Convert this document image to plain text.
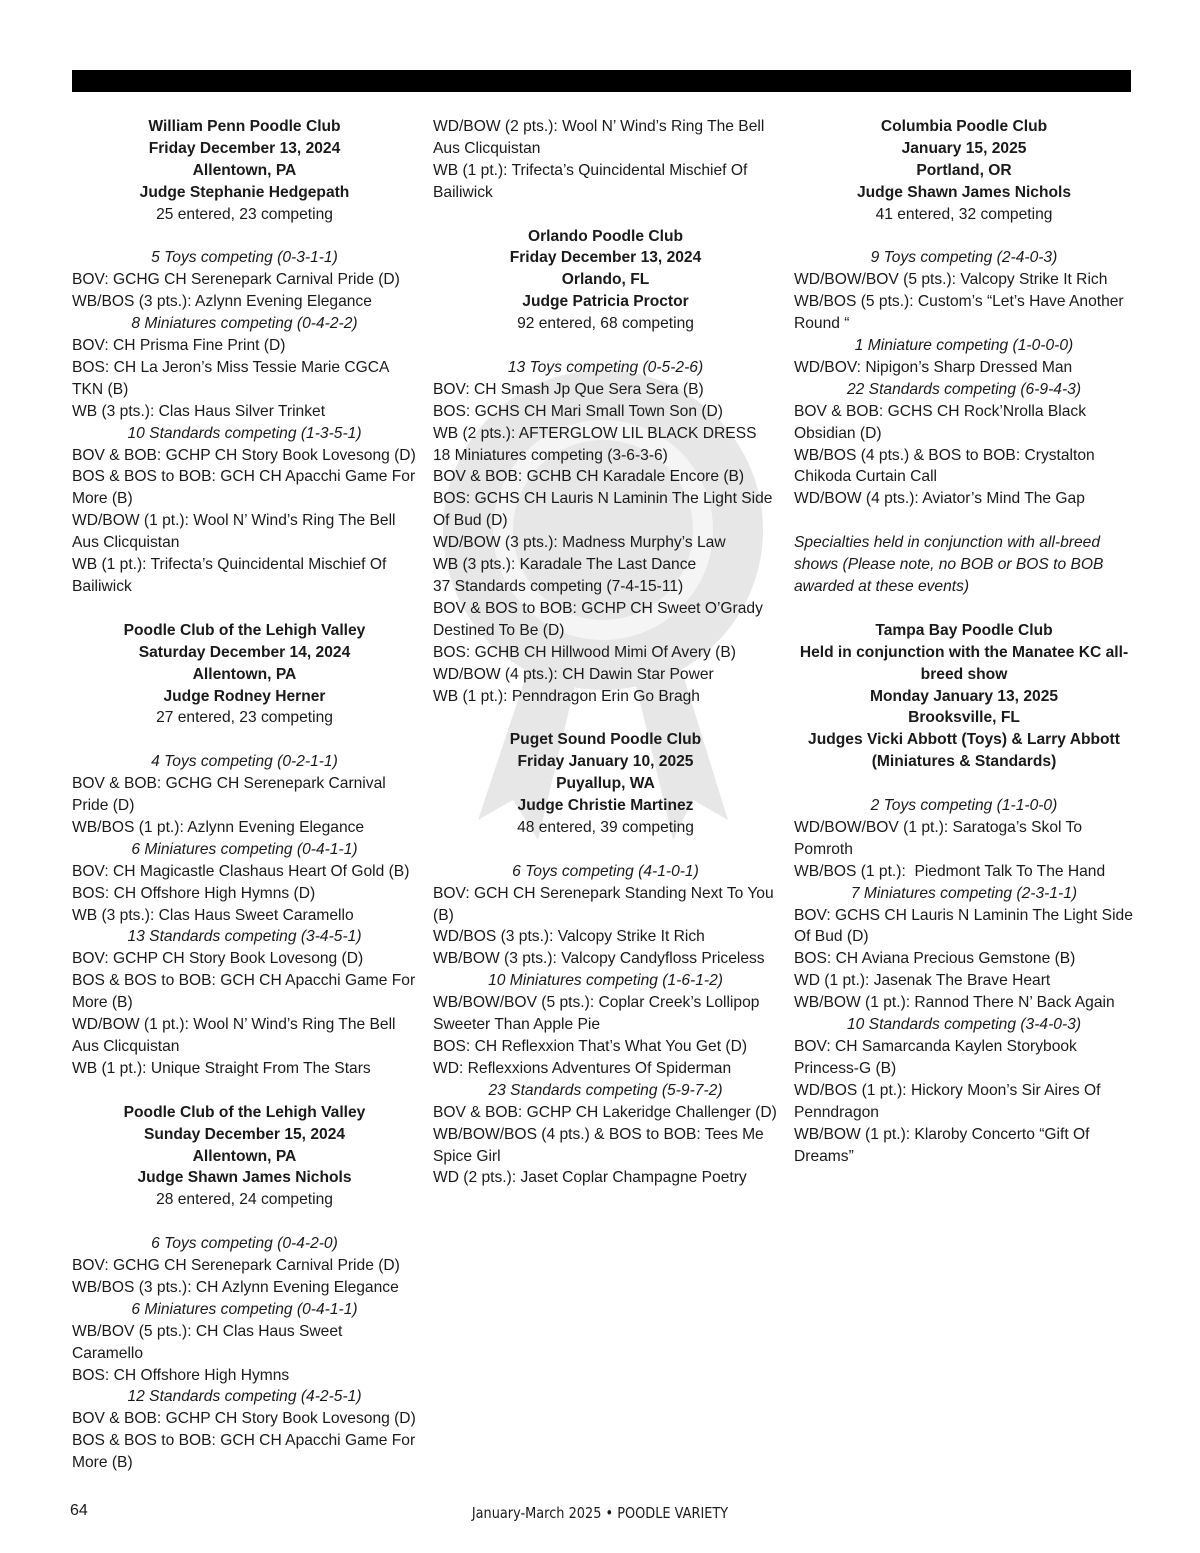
William Penn Poodle Club
Friday December 13, 2024
Allentown, PA
Judge Stephanie Hedgepath
25 entered, 23 competing
5 Toys competing (0-3-1-1)
BOV: GCHG CH Serenepark Carnival Pride (D)
WB/BOS (3 pts.): Azlynn Evening Elegance
8 Miniatures competing (0-4-2-2)
BOV: CH Prisma Fine Print (D)
BOS: CH La Jeron’s Miss Tessie Marie CGCA TKN (B)
WB (3 pts.): Clas Haus Silver Trinket
10 Standards competing (1-3-5-1)
BOV & BOB: GCHP CH Story Book Lovesong (D)
BOS & BOS to BOB: GCH CH Apacchi Game For More (B)
WD/BOW (1 pt.): Wool N’ Wind’s Ring The Bell Aus Clicquistan
WB (1 pt.): Trifecta’s Quincidental Mischief Of Bailiwick
Poodle Club of the Lehigh Valley
Saturday December 14, 2024
Allentown, PA
Judge Rodney Herner
27 entered, 23 competing
4 Toys competing (0-2-1-1)
BOV & BOB: GCHG CH Serenepark Carnival Pride (D)
WB/BOS (1 pt.): Azlynn Evening Elegance
6 Miniatures competing (0-4-1-1)
BOV: CH Magicastle Clashaus Heart Of Gold (B)
BOS: CH Offshore High Hymns (D)
WB (3 pts.): Clas Haus Sweet Caramello
13 Standards competing (3-4-5-1)
BOV: GCHP CH Story Book Lovesong (D)
BOS & BOS to BOB: GCH CH Apacchi Game For More (B)
WD/BOW (1 pt.): Wool N’ Wind’s Ring The Bell Aus Clicquistan
WB (1 pt.): Unique Straight From The Stars
Poodle Club of the Lehigh Valley
Sunday December 15, 2024
Allentown, PA
Judge Shawn James Nichols
28 entered, 24 competing
6 Toys competing (0-4-2-0)
BOV: GCHG CH Serenepark Carnival Pride (D)
WB/BOS (3 pts.): CH Azlynn Evening Elegance
6 Miniatures competing (0-4-1-1)
WB/BOV (5 pts.): CH Clas Haus Sweet Caramello
BOS: CH Offshore High Hymns
12 Standards competing (4-2-5-1)
BOV & BOB: GCHP CH Story Book Lovesong (D)
BOS & BOS to BOB: GCH CH Apacchi Game For More (B)
WD/BOW (2 pts.): Wool N’ Wind’s Ring The Bell Aus Clicquistan
WB (1 pt.): Trifecta’s Quincidental Mischief Of Bailiwick
Orlando Poodle Club
Friday December 13, 2024
Orlando, FL
Judge Patricia Proctor
92 entered, 68 competing
13 Toys competing (0-5-2-6)
BOV: CH Smash Jp Que Sera Sera (B)
BOS: GCHS CH Mari Small Town Son (D)
WB (2 pts.): AFTERGLOW LIL BLACK DRESS
18 Miniatures competing (3-6-3-6)
BOV & BOB: GCHB CH Karadale Encore (B)
BOS: GCHS CH Lauris N Laminin The Light Side Of Bud (D)
WD/BOW (3 pts.): Madness Murphy’s Law
WB (3 pts.): Karadale The Last Dance
37 Standards competing (7-4-15-11)
BOV & BOS to BOB: GCHP CH Sweet O’Grady Destined To Be (D)
BOS: GCHB CH Hillwood Mimi Of Avery (B)
WD/BOW (4 pts.): CH Dawin Star Power
WB (1 pt.): Penndragon Erin Go Bragh
Puget Sound Poodle Club
Friday January 10, 2025
Puyallup, WA
Judge Christie Martinez
48 entered, 39 competing
6 Toys competing (4-1-0-1)
BOV: GCH CH Serenepark Standing Next To You (B)
WD/BOS (3 pts.): Valcopy Strike It Rich
WB/BOW (3 pts.): Valcopy Candyfloss Priceless
10 Miniatures competing (1-6-1-2)
WB/BOW/BOV (5 pts.): Coplar Creek’s Lollipop Sweeter Than Apple Pie
BOS: CH Reflexxion That’s What You Get (D)
WD: Reflexxions Adventures Of Spiderman
23 Standards competing (5-9-7-2)
BOV & BOB: GCHP CH Lakeridge Challenger (D)
WB/BOW/BOS (4 pts.) & BOS to BOB: Tees Me Spice Girl
WD (2 pts.): Jaset Coplar Champagne Poetry
Columbia Poodle Club
January 15, 2025
Portland, OR
Judge Shawn James Nichols
41 entered, 32 competing
9 Toys competing (2-4-0-3)
WD/BOW/BOV (5 pts.): Valcopy Strike It Rich
WB/BOS (5 pts.): Custom’s “Let’s Have Another Round “
1 Miniature competing (1-0-0-0)
WD/BOV: Nipigon’s Sharp Dressed Man
22 Standards competing (6-9-4-3)
BOV & BOB: GCHS CH Rock’Nrolla Black Obsidian (D)
WB/BOS (4 pts.) & BOS to BOB: Crystalton Chikoda Curtain Call
WD/BOW (4 pts.): Aviator’s Mind The Gap
Specialties held in conjunction with all-breed shows (Please note, no BOB or BOS to BOB awarded at these events)
Tampa Bay Poodle Club
Held in conjunction with the Manatee KC all-breed show
Monday January 13, 2025
Brooksville, FL
Judges Vicki Abbott (Toys) & Larry Abbott (Miniatures & Standards)
2 Toys competing (1-1-0-0)
WD/BOW/BOV (1 pt.): Saratoga’s Skol To Pomroth
WB/BOS (1 pt.):  Piedmont Talk To The Hand
7 Miniatures competing (2-3-1-1)
BOV: GCHS CH Lauris N Laminin The Light Side Of Bud (D)
BOS: CH Aviana Precious Gemstone (B)
WD (1 pt.): Jasenak The Brave Heart
WB/BOW (1 pt.): Rannod There N’ Back Again
10 Standards competing (3-4-0-3)
BOV: CH Samarcanda Kaylen Storybook Princess-G (B)
WD/BOS (1 pt.): Hickory Moon’s Sir Aires Of Penndragon
WB/BOW (1 pt.): Klaroby Concerto “Gift Of Dreams”
64	January-March 2025 • POODLE VARIETY
